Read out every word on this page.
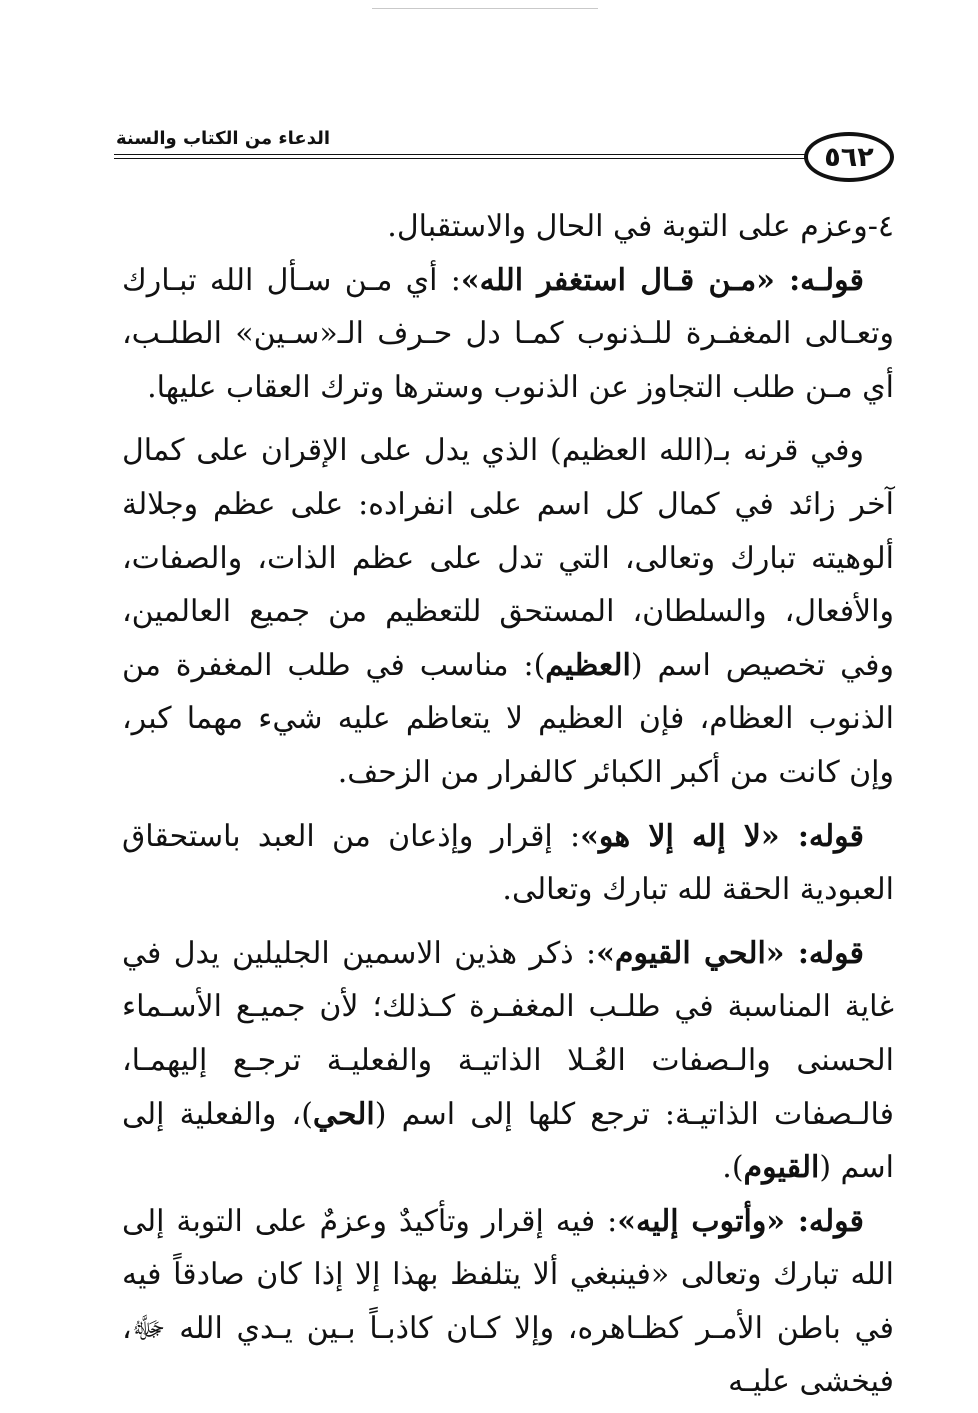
الدعاء من الكتاب والسنة
٥٦٢

٤-وعزم على التوبة في الحال والاستقبال.

قولـه: «مـن قـال استغفر الله»: أي مـن سـأل الله تبـارك وتعـالى المغفـرة للـذنوب كمـا دل حـرف الـ«سـين» الطلـب، أي مـن طلب التجاوز عن الذنوب وسترها وترك العقاب عليها.

وفي قرنه بـ(الله العظيم) الذي يدل على الإقران على كمال آخر زائد في كمال كل اسم على انفراده: على عظم وجلالة ألوهيته تبارك وتعالى، التي تدل على عظم الذات، والصفات، والأفعال، والسلطان، المستحق للتعظيم من جميع العالمين، وفي تخصيص اسم (العظيم): مناسب في طلب المغفرة من الذنوب العظام، فإن العظيم لا يتعاظم عليه شيء مهما كبر، وإن كانت من أكبر الكبائر كالفرار من الزحف.

قوله: «لا إله إلا هو»: إقرار وإذعان من العبد باستحقاق العبودية الحقة لله تبارك وتعالى.

قوله: «الحي القيوم»: ذكر هذين الاسمين الجليلين يدل في غاية المناسبة في طلـب المغفـرة كـذلك؛ لأن جميـع الأسـماء الحسنى والـصفات العُـلا الذاتيـة والفعليـة ترجـع إليهمـا، فالـصفات الذاتيـة: ترجع كلها إلى اسم (الحي)، والفعلية إلى اسم (القيوم).

قوله: «وأتوب إليه»: فيه إقرار وتأكيدٌ وعزمٌ على التوبة إلى الله تبارك وتعالى «فينبغي ألا يتلفظ بهذا إلا إذا كان صادقاً فيه في باطن الأمـر كظـاهره، وإلا كـان كاذبـاً بـين يـدي الله ﷻ، فيخشى عليـه
